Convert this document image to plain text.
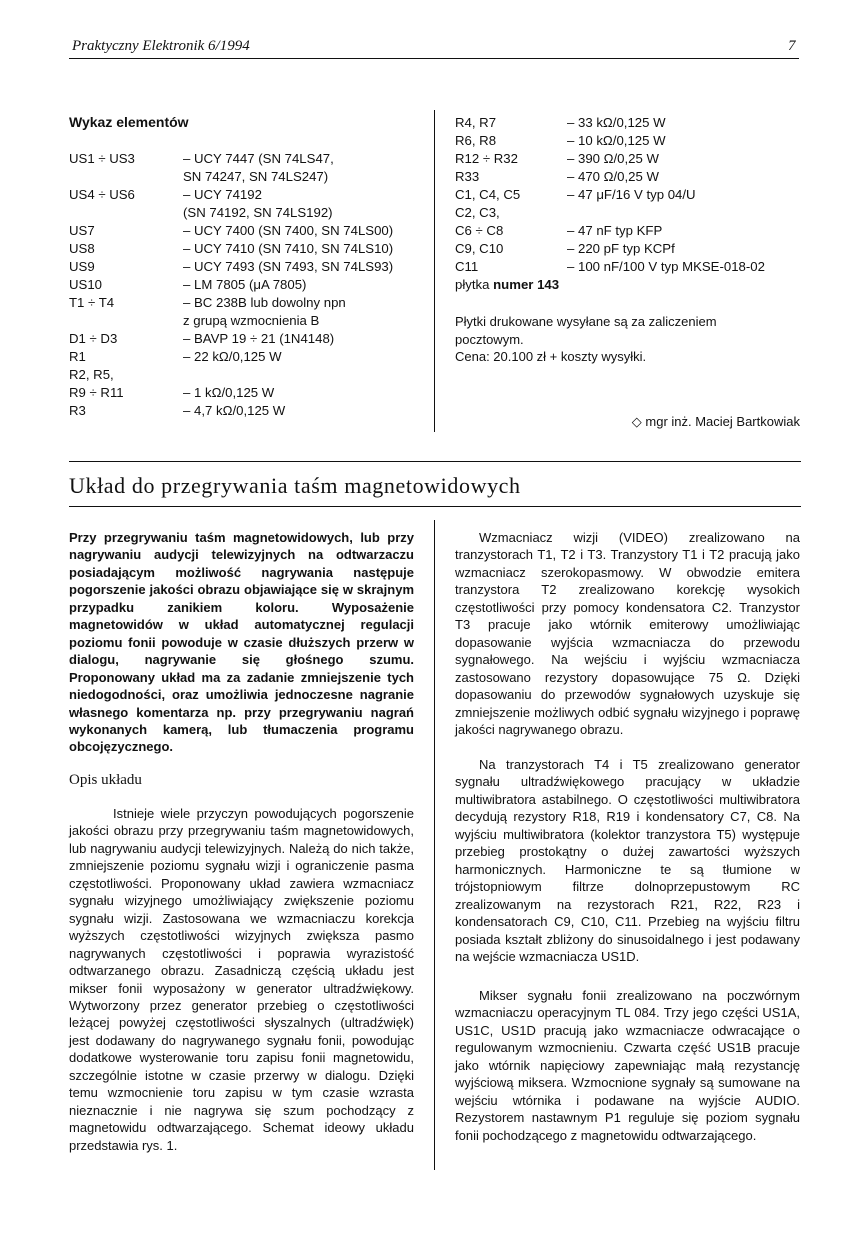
Praktyczny Elektronik 6/1994	7
Wykaz elementów
US1 ÷ US3	– UCY 7447 (SN 74LS47,
SN 74247, SN 74LS247)
US4 ÷ US6	– UCY 74192
(SN 74192, SN 74LS192)
US7	– UCY 7400 (SN 7400, SN 74LS00)
US8	– UCY 7410 (SN 7410, SN 74LS10)
US9	– UCY 7493 (SN 7493, SN 74LS93)
US10	– LM 7805 (μA 7805)
T1 ÷ T4	– BC 238B lub dowolny npn
z grupą wzmocnienia B
D1 ÷ D3	– BAVP 19 ÷ 21 (1N4148)
R1	– 22 kΩ/0,125 W
R2, R5,
R9 ÷ R11	– 1 kΩ/0,125 W
R3	– 4,7 kΩ/0,125 W
R4, R7	– 33 kΩ/0,125 W
R6, R8	– 10 kΩ/0,125 W
R12 ÷ R32	– 390 Ω/0,25 W
R33	– 470 Ω/0,25 W
C1, C4, C5	– 47 μF/16 V typ 04/U
C2, C3,
C6 ÷ C8	– 47 nF typ KFP
C9, C10	– 220 pF typ KCPf
C11	– 100 nF/100 V typ MKSE-018-02
płytka numer 143
Płytki drukowane wysyłane są za zaliczeniem pocztowym.
Cena: 20.100 zł + koszty wysyłki.
◇ mgr inż. Maciej Bartkowiak
Układ do przegrywania taśm magnetowidowych
Przy przegrywaniu taśm magnetowidowych, lub przy nagrywaniu audycji telewizyjnych na odtwarzaczu posiadającym możliwość nagrywania następuje pogorszenie jakości obrazu objawiające się w skrajnym przypadku zanikiem koloru. Wyposażenie magnetowidów w układ automatycznej regulacji poziomu fonii powoduje w czasie dłuższych przerw w dialogu, nagrywanie się głośnego szumu. Proponowany układ ma za zadanie zmniejszenie tych niedogodności, oraz umożliwia jednoczesne nagranie własnego komentarza np. przy przegrywaniu nagrań wykonanych kamerą, lub tłumaczenia programu obcojęzycznego.
Opis układu
Istnieje wiele przyczyn powodujących pogorszenie jakości obrazu przy przegrywaniu taśm magnetowidowych, lub nagrywaniu audycji telewizyjnych. Należą do nich także, zmniejszenie poziomu sygnału wizji i ograniczenie pasma częstotliwości. Proponowany układ zawiera wzmacniacz sygnału wizyjnego umożliwiający zwiększenie poziomu sygnału wizji. Zastosowana we wzmacniaczu korekcja wyższych częstotliwości wizyjnych zwiększa pasmo nagrywanych częstotliwości i poprawia wyrazistość odtwarzanego obrazu. Zasadniczą częścią układu jest mikser fonii wyposażony w generator ultradźwiękowy. Wytworzony przez generator przebieg o częstotliwości leżącej powyżej częstotliwości słyszalnych (ultradźwięk) jest dodawany do nagrywanego sygnału fonii, powodując dodatkowe wysterowanie toru zapisu fonii magnetowidu, szczególnie istotne w czasie przerwy w dialogu. Dzięki temu wzmocnienie toru zapisu w tym czasie wzrasta nieznacznie i nie nagrywa się szum pochodzący z magnetowidu odtwarzającego. Schemat ideowy układu przedstawia rys. 1.
Wzmacniacz wizji (VIDEO) zrealizowano na tranzystorach T1, T2 i T3. Tranzystory T1 i T2 pracują jako wzmacniacz szerokopasmowy. W obwodzie emitera tranzystora T2 zrealizowano korekcję wysokich częstotliwości przy pomocy kondensatora C2. Tranzystor T3 pracuje jako wtórnik emiterowy umożliwiając dopasowanie wyjścia wzmacniacza do przewodu sygnałowego. Na wejściu i wyjściu wzmacniacza zastosowano rezystory dopasowujące 75 Ω. Dzięki dopasowaniu do przewodów sygnałowych uzyskuje się zmniejszenie możliwych odbić sygnału wizyjnego i poprawę jakości nagrywanego obrazu.
Na tranzystorach T4 i T5 zrealizowano generator sygnału ultradźwiękowego pracujący w układzie multiwibratora astabilnego. O częstotliwości multiwibratora decydują rezystory R18, R19 i kondensatory C7, C8. Na wyjściu multiwibratora (kolektor tranzystora T5) występuje przebieg prostokątny o dużej zawartości wyższych harmonicznych. Harmoniczne te są tłumione w trójstopniowym filtrze dolnoprzepustowym RC zrealizowanym na rezystorach R21, R22, R23 i kondensatorach C9, C10, C11. Przebieg na wyjściu filtru posiada kształt zbliżony do sinusoidalnego i jest podawany na wejście wzmacniacza US1D.
Mikser sygnału fonii zrealizowano na poczwórnym wzmacniaczu operacyjnym TL 084. Trzy jego części US1A, US1C, US1D pracują jako wzmacniacze odwracające o regulowanym wzmocnieniu. Czwarta część US1B pracuje jako wtórnik napięciowy zapewniając małą rezystancję wyjściową miksera. Wzmocnione sygnały są sumowane na wejściu wtórnika i podawane na wyjście AUDIO. Rezystorem nastawnym P1 reguluje się poziom sygnału fonii pochodzącego z magnetowidu odtwarzającego.
